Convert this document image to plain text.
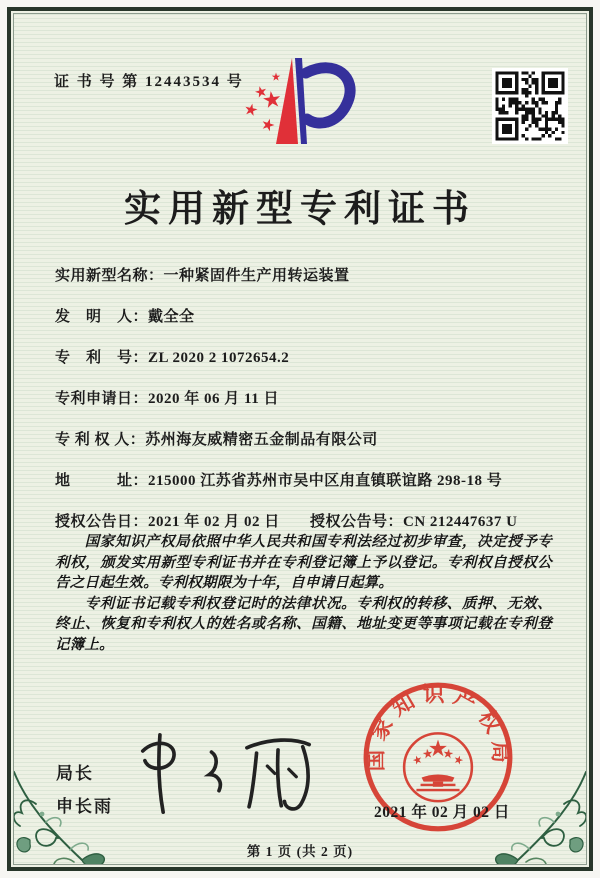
证 书 号 第 12443534 号
实用新型专利证书
实用新型名称：一种紧固件生产用转运装置
发　明　人：戴全全
专　利　号：ZL 2020 2 1072654.2
专利申请日：2020 年 06 月 11 日
专 利 权 人：苏州海友威精密五金制品有限公司
地　　　址：215000 江苏省苏州市吴中区甪直镇联谊路 298-18 号
授权公告日：2021 年 02 月 02 日 授权公告号：CN 212447637 U

国家知识产权局依照中华人民共和国专利法经过初步审查，决定授予专利权，颁发实用新型专利证书并在专利登记簿上予以登记。专利权自授权公告之日起生效。专利权期限为十年，自申请日起算。

专利证书记载专利权登记时的法律状况。专利权的转移、质押、无效、终止、恢复和专利权人的姓名或名称、国籍、地址变更等事项记载在专利登记簿上。

局长
申长雨
国家知识产权局
2021 年 02 月 02 日
第 1 页 (共 2 页)
